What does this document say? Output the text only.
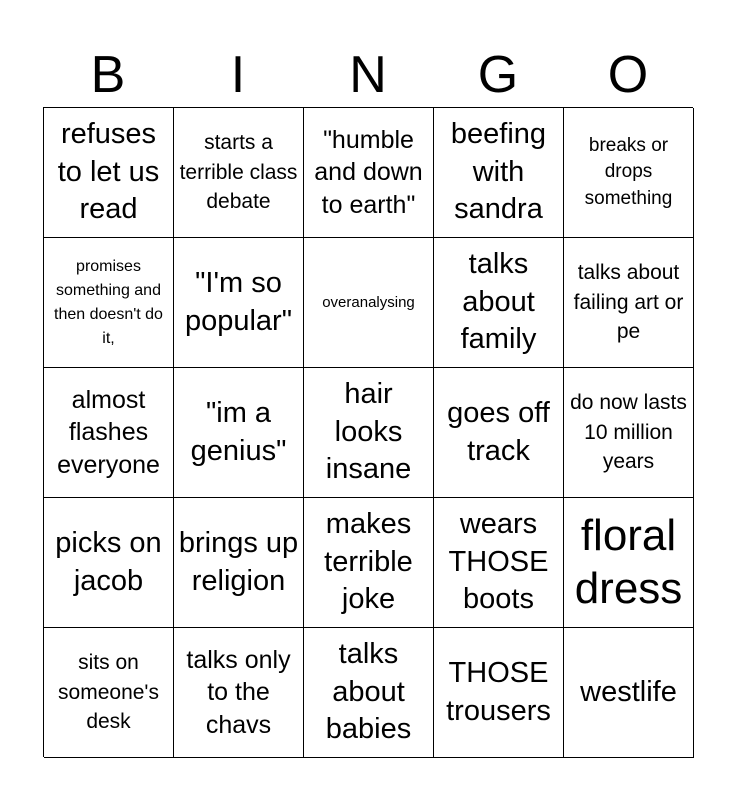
B	I	N	G	O
refuses to let us read
starts a terrible class debate
"humble and down to earth"
beefing with sandra
breaks or drops something
promises something and then doesn't do it,
"I'm so popular"
overanalysing
talks about family
talks about failing art or pe
almost flashes everyone
"im a genius"
hair looks insane
goes off track
do now lasts 10 million years
picks on jacob
brings up religion
makes terrible joke
wears THOSE boots
floral dress
sits on someone's desk
talks only to the chavs
talks about babies
THOSE trousers
westlife
